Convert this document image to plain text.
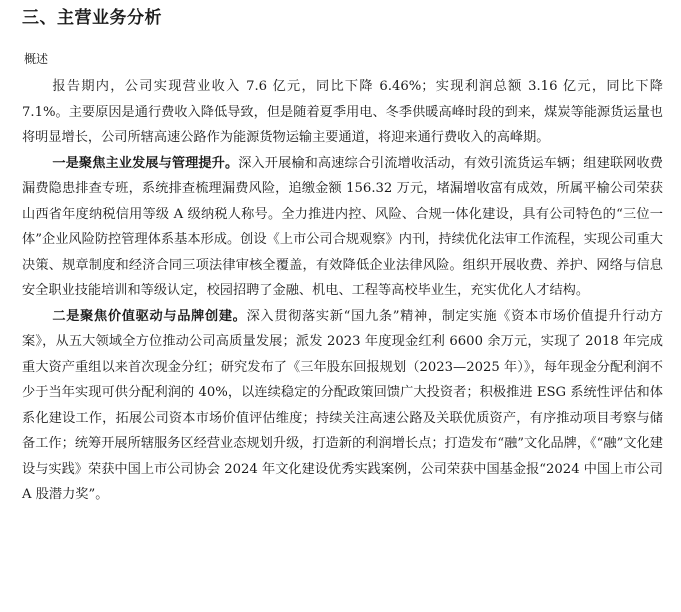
三、主营业务分析
概述

报告期内，公司实现营业收入 7.6 亿元，同比下降 6.46%；实现利润总额 3.16 亿元，同比下降 7.1%。主要原因是通行费收入降低导致，但是随着夏季用电、冬季供暖高峰时段的到来，煤炭等能源货运量也将明显增长，公司所辖高速公路作为能源货物运输主要通道，将迎来通行费收入的高峰期。

一是聚焦主业发展与管理提升。深入开展榆和高速综合引流增收活动，有效引流货运车辆；组建联网收费漏费隐患排查专班，系统排查梳理漏费风险，追缴金额 156.32 万元，堵漏增收富有成效，所属平榆公司荣获山西省年度纳税信用等级 A 级纳税人称号。全力推进内控、风险、合规一体化建设，具有公司特色的“三位一体”企业风险防控管理体系基本形成。创设《上市公司合规观察》内刊，持续优化法审工作流程，实现公司重大决策、规章制度和经济合同三项法律审核全覆盖，有效降低企业法律风险。组织开展收费、养护、网络与信息安全职业技能培训和等级认定，校园招聘了金融、机电、工程等高校毕业生，充实优化人才结构。

二是聚焦价值驱动与品牌创建。深入贯彻落实新“国九条”精神，制定实施《资本市场价值提升行动方案》，从五大领域全方位推动公司高质量发展；派发 2023 年度现金红利 6600 余万元，实现了 2018 年完成重大资产重组以来首次现金分红；研究发布了《三年股东回报规划（2023—2025 年）》，每年现金分配利润不少于当年实现可供分配利润的 40%，以连续稳定的分配政策回馈广大投资者；积极推进 ESG 系统性评估和体系化建设工作，拓展公司资本市场价值评估维度；持续关注高速公路及关联优质资产，有序推动项目考察与储备工作；统筹开展所辖服务区经营业态规划升级，打造新的利润增长点；打造发布“融”文化品牌，《“融”文化建设与实践》荣获中国上市公司协会 2024 年文化建设优秀实践案例，公司荣获中国基金报“2024 中国上市公司 A 股潜力奖”。
